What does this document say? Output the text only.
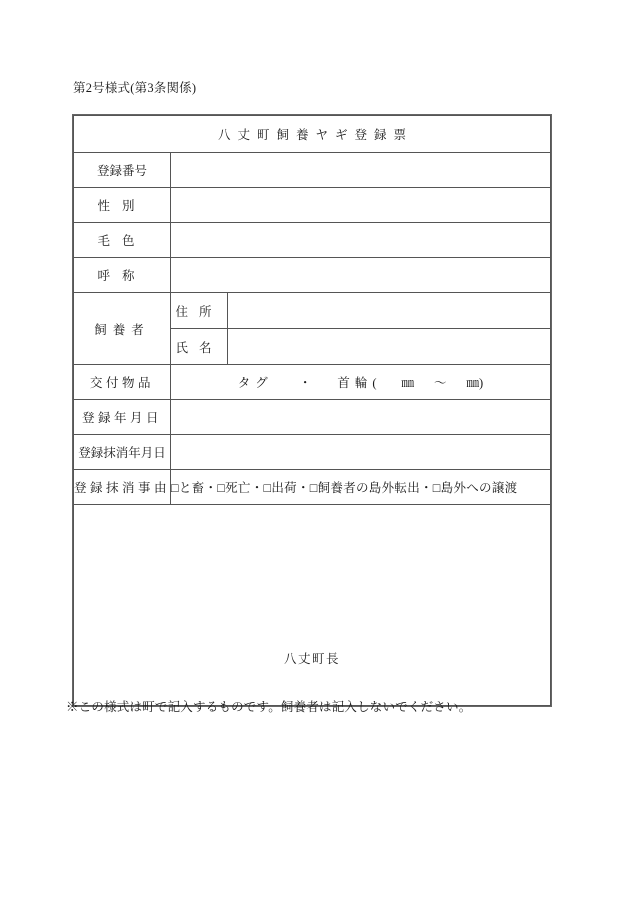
第2号様式(第3条関係)
八丈町飼養ヤギ登録票		
登録番号		
性別		
毛色		
呼称		
飼養者	住所	
	氏名	
交付物品	タグ ・ 首輪( ㎜ ～ ㎜)	
登録年月日		
登録抹消年月日		
登録抹消事由	□と畜・□死亡・□出荷・□飼養者の島外転出・□島外への譲渡	

八丈町長		
※この様式は町で記入するものです。飼養者は記入しないでください。
